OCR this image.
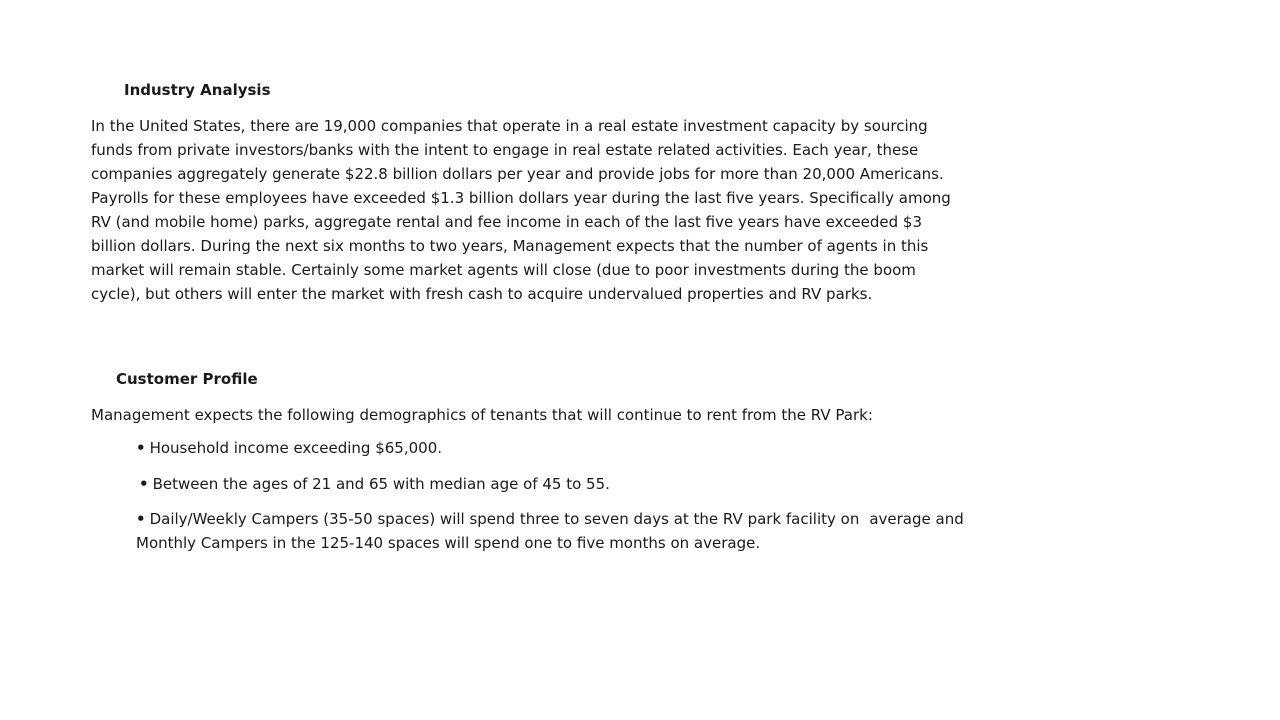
Industry Analysis

In the United States, there are 19,000 companies that operate in a real estate investment capacity by sourcing
funds from private investors/banks with the intent to engage in real estate related activities. Each year, these
companies aggregately generate $22.8 billion dollars per year and provide jobs for more than 20,000 Americans.
Payrolls for these employees have exceeded $1.3 billion dollars year during the last five years. Specifically among
RV (and mobile home) parks, aggregate rental and fee income in each of the last five years have exceeded $3
billion dollars. During the next six months to two years, Management expects that the number of agents in this
market will remain stable. Certainly some market agents will close (due to poor investments during the boom
cycle), but others will enter the market with fresh cash to acquire undervalued properties and RV parks.

Customer Profile

Management expects the following demographics of tenants that will continue to rent from the RV Park:

• Household income exceeding $65,000.
• Between the ages of 21 and 65 with median age of 45 to 55.
• Daily/Weekly Campers (35-50 spaces) will spend three to seven days at the RV park facility on average and
Monthly Campers in the 125-140 spaces will spend one to five months on average.
